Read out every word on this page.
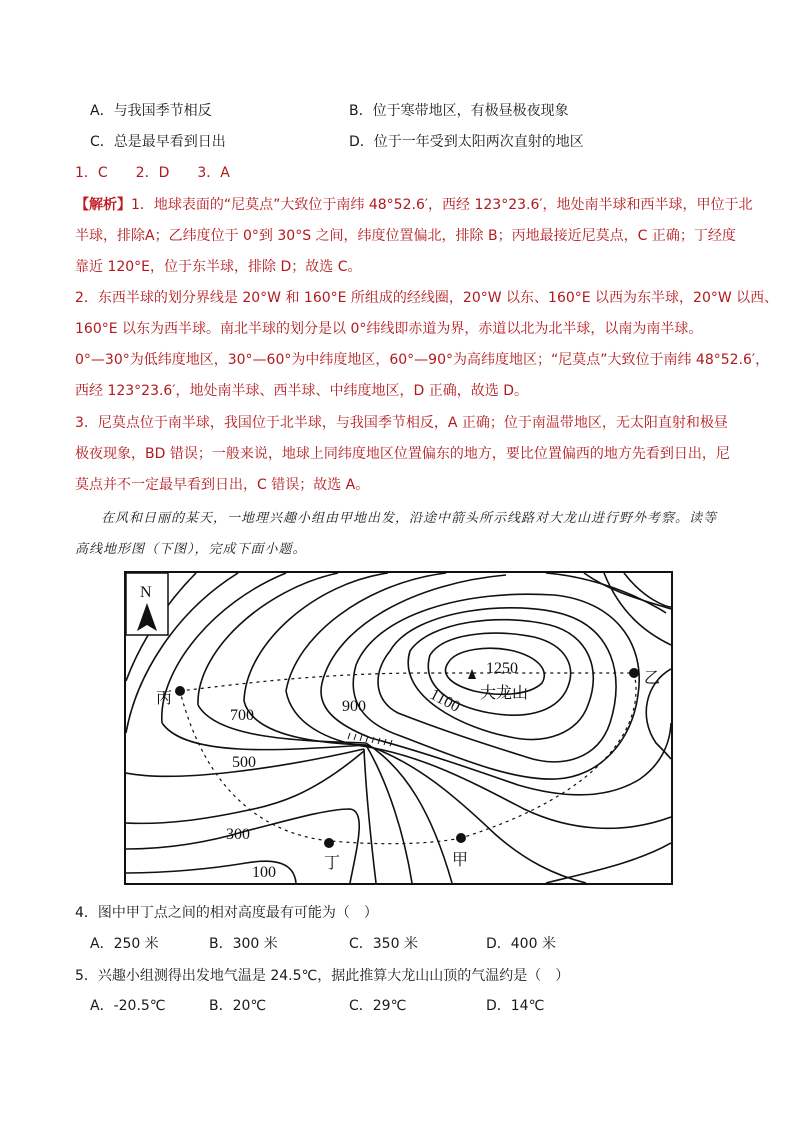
A．与我国季节相反	B．位于寒带地区，有极昼极夜现象
C．总是最早看到日出	D．位于一年受到太阳两次直射的地区
1．C　　2．D　　3．A
【解析】1．地球表面的“尼莫点”大致位于南纬 48°52.6′，西经 123°23.6′，地处南半球和西半球，甲位于北
半球，排除A；乙纬度位于 0°到 30°S 之间，纬度位置偏北，排除 B；丙地最接近尼莫点，C 正确；丁经度
靠近 120°E，位于东半球，排除 D；故选 C。
2．东西半球的划分界线是 20°W 和 160°E 所组成的经线圈，20°W 以东、160°E 以西为东半球，20°W 以西、
160°E 以东为西半球。南北半球的划分是以 0°纬线即赤道为界，赤道以北为北半球，以南为南半球。
0°—30°为低纬度地区，30°—60°为中纬度地区，60°—90°为高纬度地区；“尼莫点”大致位于南纬 48°52.6′，
西经 123°23.6′，地处南半球、西半球、中纬度地区，D 正确，故选 D。
3．尼莫点位于南半球，我国位于北半球，与我国季节相反，A 正确；位于南温带地区，无太阳直射和极昼
极夜现象，BD 错误；一般来说，地球上同纬度地区位置偏东的地方，要比位置偏西的地方先看到日出，尼
莫点并不一定最早看到日出，C 错误；故选 A。
在风和日丽的某天，一地理兴趣小组由甲地出发，沿途中箭头所示线路对大龙山进行野外考察。读等
高线地形图（下图），完成下面小题。
N
丙
乙
丁	甲
1250
1100
900
700
500
300
100
大龙山
4．图中甲丁点之间的相对高度最有可能为（　）
A．250 米	B．300 米	C．350 米	D．400 米
5．兴趣小组测得出发地气温是 24.5℃，据此推算大龙山山顶的气温约是（　）
A．-20.5℃	B．20℃	C．29℃	D．14℃
